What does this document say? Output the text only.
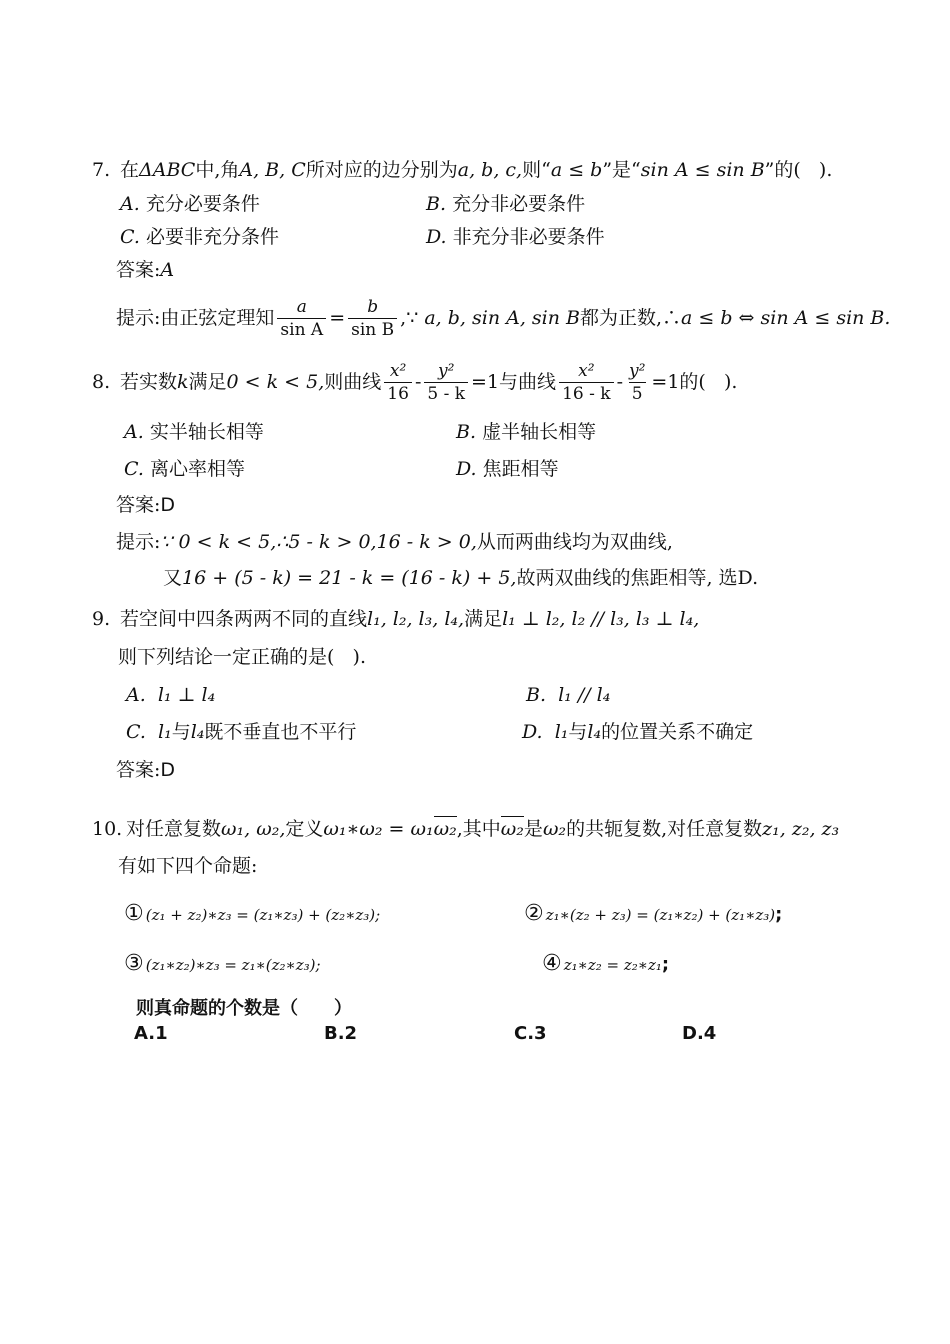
7. 在ΔABC中,角A, B, C所对应的边分别为a, b, c,则“a ≤ b”是“sin A ≤ sin B”的( ).
A. 充分必要条件	B. 充分非必要条件
C. 必要非充分条件	D. 非充分非必要条件
答案:A
提示: 由正弦定理知 $\frac{a}{\text{sin A}} = \frac{b}{\text{sin B}}$ ,∵
a, b, sin A, sin B 都为正数,∴ a ≤ b ⇔ sin A ≤ sin B.
8. 若实数 k 满足 0 < k < 5, 则曲线 $\frac{\text{x²}}{16} - \frac{\text{y²}}{5 - k} =1$ 与曲线 $\frac{\text{x²}}{16 - k} - \frac{\text{y²}}{5} =1$ 的(
).
A. 实半轴长相等	B. 虚半轴长相等
C. 离心率相等	D. 焦距相等
答案:D
提示:∵ 0 < k < 5,∴5 - k > 0,16 - k > 0,从而两曲线均为双曲线,
又16 + (5 - k) = 21 - k = (16 - k) + 5,故两双曲线的焦距相等, 选D.
9. 若空间中四条两两不同的直线l₁, l₂, l₃, l₄,满足l₁ ⊥ l₂, l₂ // l₃, l₃ ⊥ l₄,
则下列结论一定正确的是( ).
A. l₁ ⊥ l₄	B. l₁ // l₄
C. l₁与l₄既不垂直也不平行	D. l₁与l₄的位置关系不确定
答案:D
10. 对任意复数ω₁, ω₂,定义ω₁∗ω₂ = ω₁ω₂,其中ω₂是ω₂的共轭复数,对任意复数z₁, z₂, z₃
有如下四个命题:
① (z₁ + z₂)∗z₃ = (z₁∗z₃) + (z₂∗z₃);	② z₁∗(z₂ + z₃) = (z₁∗z₂) + (z₁∗z₃);
③ (z₁∗z₂)∗z₃ = z₁∗(z₂∗z₃);	④ z₁∗z₂ = z₂∗z₁;
则真命题的个数是（　　）
A.1	B.2	C.3	D.4
